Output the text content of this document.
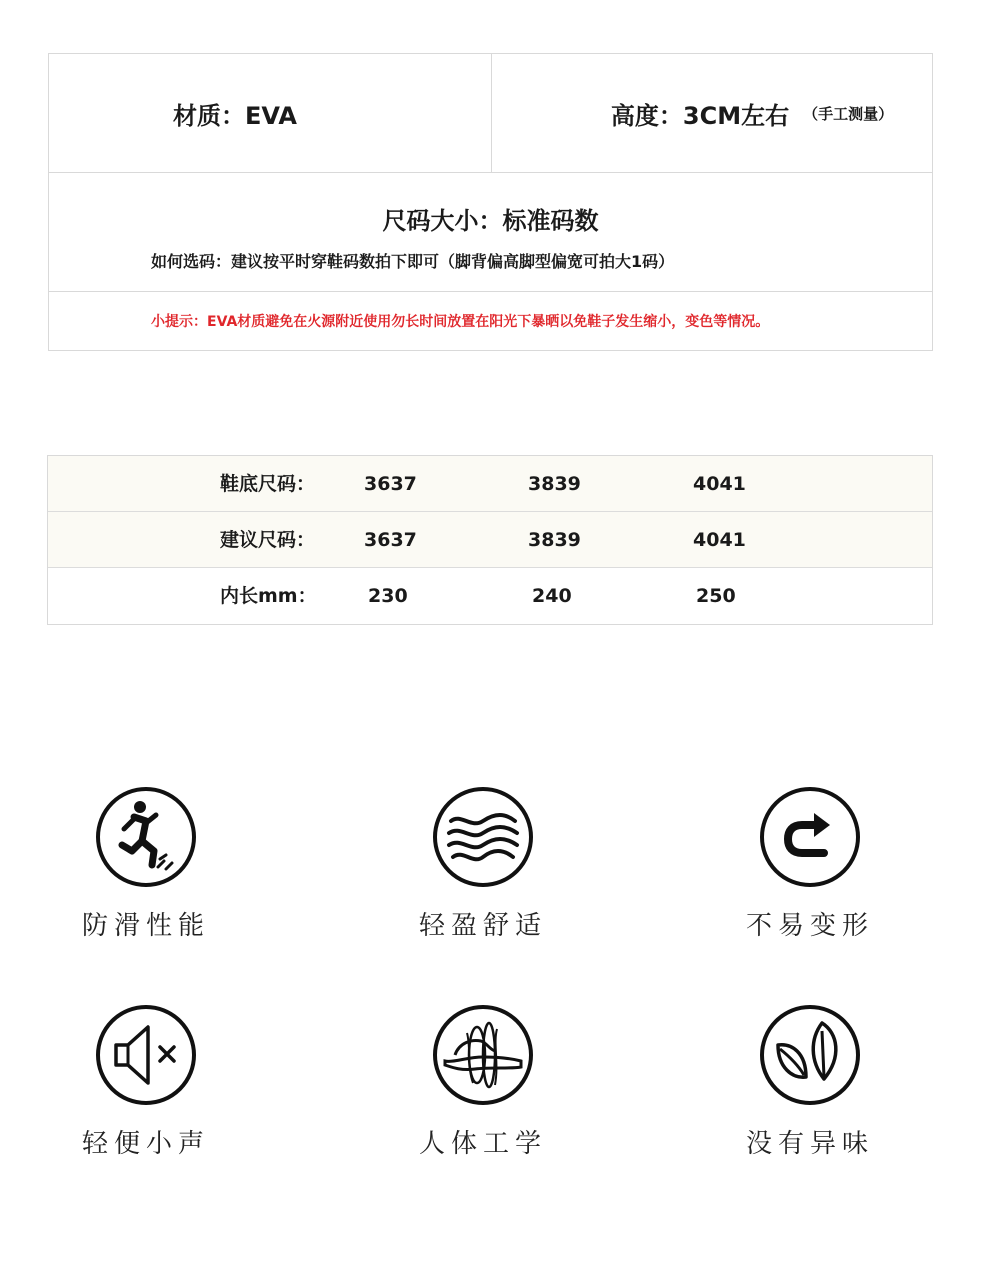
材质：EVA	高度：3CM左右 （手工测量）
尺码大小：标准码数
如何选码：建议按平时穿鞋码数拍下即可（脚背偏高脚型偏宽可拍大1码）
小提示：EVA材质避免在火源附近使用勿长时间放置在阳光下暴晒以免鞋子发生缩小，变色等情况。
鞋底尺码：	3637	3839	4041
建议尺码：	3637	3839	4041
内长mm：	230	240	250
防滑性能	轻盈舒适	不易变形
轻便小声	人体工学	没有异味
